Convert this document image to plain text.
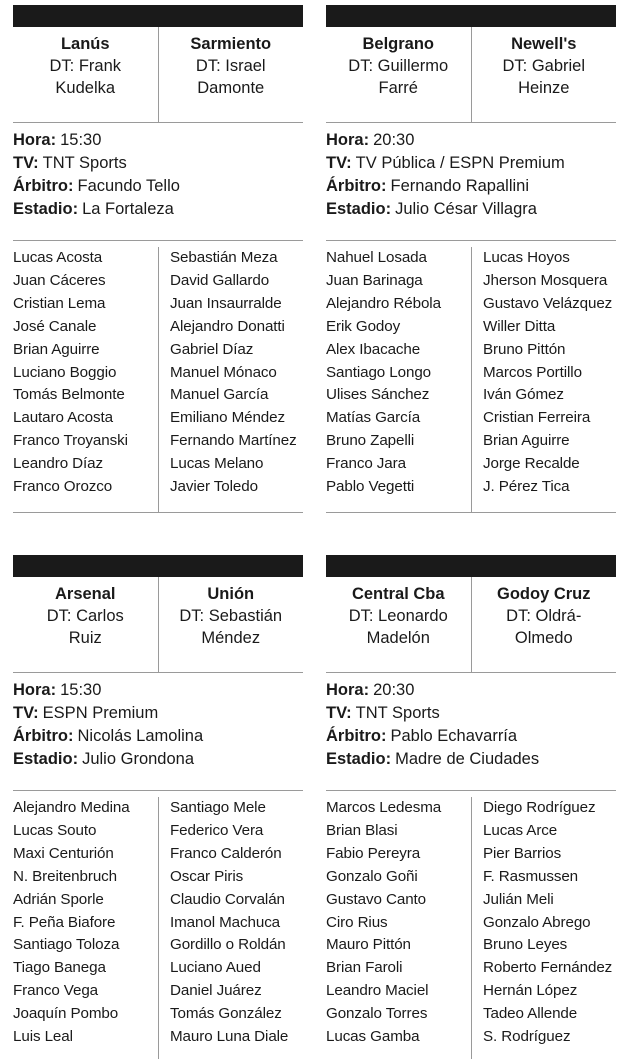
Lanús
DT: Frank
Kudelka
Sarmiento
DT: Israel
Damonte
Hora: 15:30
TV: TNT Sports
Árbitro: Facundo Tello
Estadio: La Fortaleza
Lucas Acosta
Juan Cáceres
Cristian Lema
José Canale
Brian Aguirre
Luciano Boggio
Tomás Belmonte
Lautaro Acosta
Franco Troyanski
Leandro Díaz
Franco Orozco
Sebastián Meza
David Gallardo
Juan Insaurralde
Alejandro Donatti
Gabriel Díaz
Manuel Mónaco
Manuel García
Emiliano Méndez
Fernando Martínez
Lucas Melano
Javier Toledo
Belgrano
DT: Guillermo
Farré
Newell's
DT: Gabriel
Heinze
Hora: 20:30
TV: TV Pública / ESPN Premium
Árbitro: Fernando Rapallini
Estadio: Julio César Villagra
Nahuel Losada
Juan Barinaga
Alejandro Rébola
Erik Godoy
Alex Ibacache
Santiago Longo
Ulises Sánchez
Matías García
Bruno Zapelli
Franco Jara
Pablo Vegetti
Lucas Hoyos
Jherson Mosquera
Gustavo Velázquez
Willer Ditta
Bruno Pittón
Marcos Portillo
Iván Gómez
Cristian Ferreira
Brian Aguirre
Jorge Recalde
J. Pérez Tica
Arsenal
DT: Carlos
Ruiz
Unión
DT: Sebastián
Méndez
Hora: 15:30
TV: ESPN Premium
Árbitro: Nicolás Lamolina
Estadio: Julio Grondona
Alejandro Medina
Lucas Souto
Maxi Centurión
N. Breitenbruch
Adrián Sporle
F. Peña Biafore
Santiago Toloza
Tiago Banega
Franco Vega
Joaquín Pombo
Luis Leal
Santiago Mele
Federico Vera
Franco Calderón
Oscar Piris
Claudio Corvalán
Imanol Machuca
Gordillo o Roldán
Luciano Aued
Daniel Juárez
Tomás González
Mauro Luna Diale
Central Cba
DT: Leonardo
Madelón
Godoy Cruz
DT: Oldrá-
Olmedo
Hora: 20:30
TV: TNT Sports
Árbitro: Pablo Echavarría
Estadio: Madre de Ciudades
Marcos Ledesma
Brian Blasi
Fabio Pereyra
Gonzalo Goñi
Gustavo Canto
Ciro Rius
Mauro Pittón
Brian Faroli
Leandro Maciel
Gonzalo Torres
Lucas Gamba
Diego Rodríguez
Lucas Arce
Pier Barrios
F. Rasmussen
Julián Meli
Gonzalo Abrego
Bruno Leyes
Roberto Fernández
Hernán López
Tadeo Allende
S. Rodríguez
